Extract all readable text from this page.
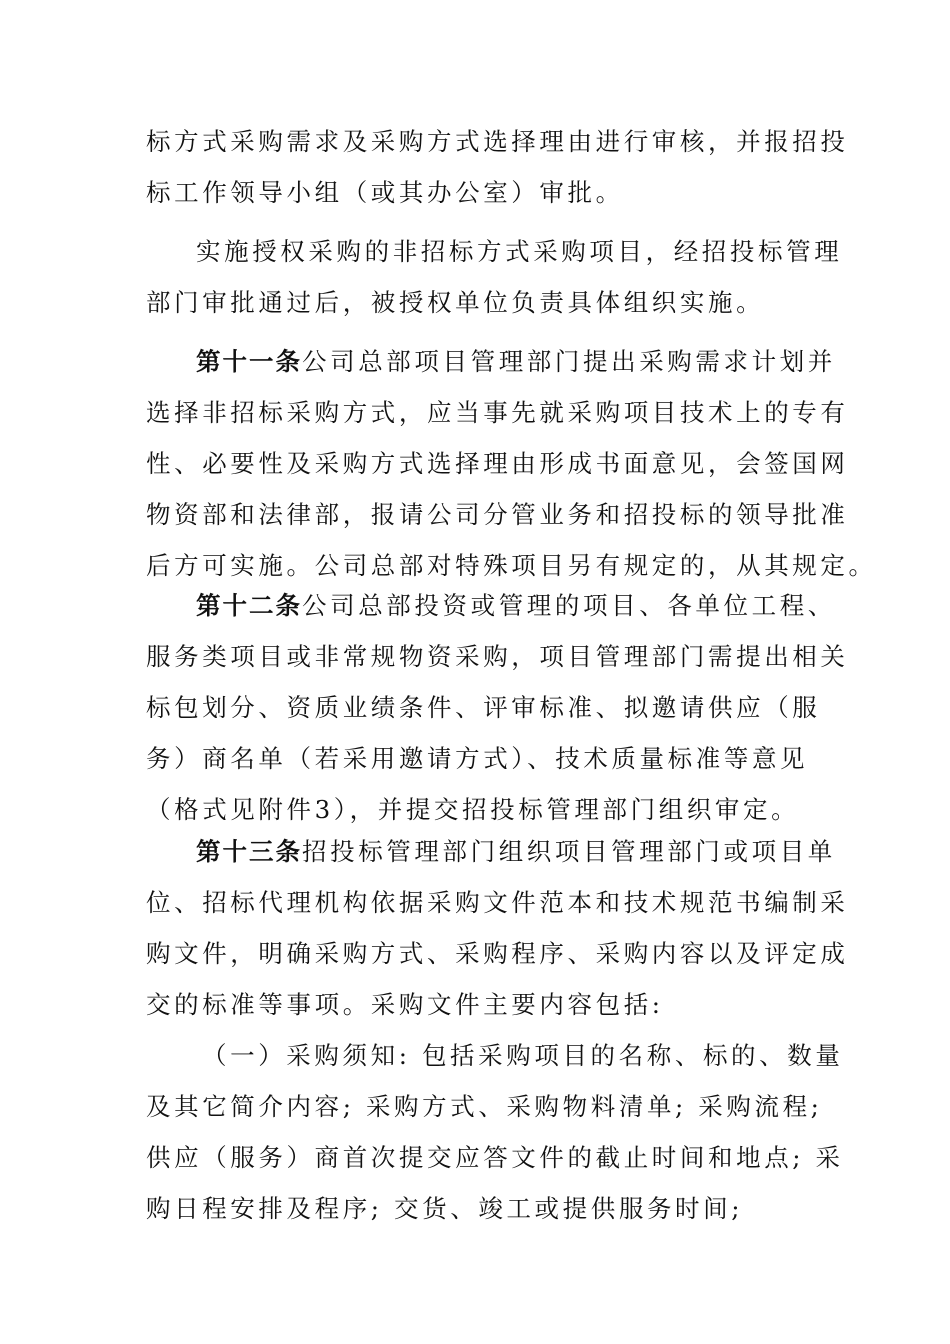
标方式采购需求及采购方式选择理由进行审核，并报招投
标工作领导小组（或其办公室）审批。
实施授权采购的非招标方式采购项目，经招投标管理
部门审批通过后，被授权单位负责具体组织实施。
第十一条公司总部项目管理部门提出采购需求计划并
选择非招标采购方式，应当事先就采购项目技术上的专有
性、必要性及采购方式选择理由形成书面意见，会签国网
物资部和法律部，报请公司分管业务和招投标的领导批准
后方可实施。公司总部对特殊项目另有规定的，从其规定。
第十二条公司总部投资或管理的项目、各单位工程、
服务类项目或非常规物资采购，项目管理部门需提出相关
标包划分、资质业绩条件、评审标准、拟邀请供应（服
务）商名单（若采用邀请方式）、技术质量标准等意见
（格式见附件3），并提交招投标管理部门组织审定。
第十三条招投标管理部门组织项目管理部门或项目单
位、招标代理机构依据采购文件范本和技术规范书编制采
购文件，明确采购方式、采购程序、采购内容以及评定成
交的标准等事项。采购文件主要内容包括:
（一）采购须知: 包括采购项目的名称、标的、数量
及其它简介内容; 采购方式、采购物料清单; 采购流程;
供应（服务）商首次提交应答文件的截止时间和地点; 采
购日程安排及程序; 交货、竣工或提供服务时间;
